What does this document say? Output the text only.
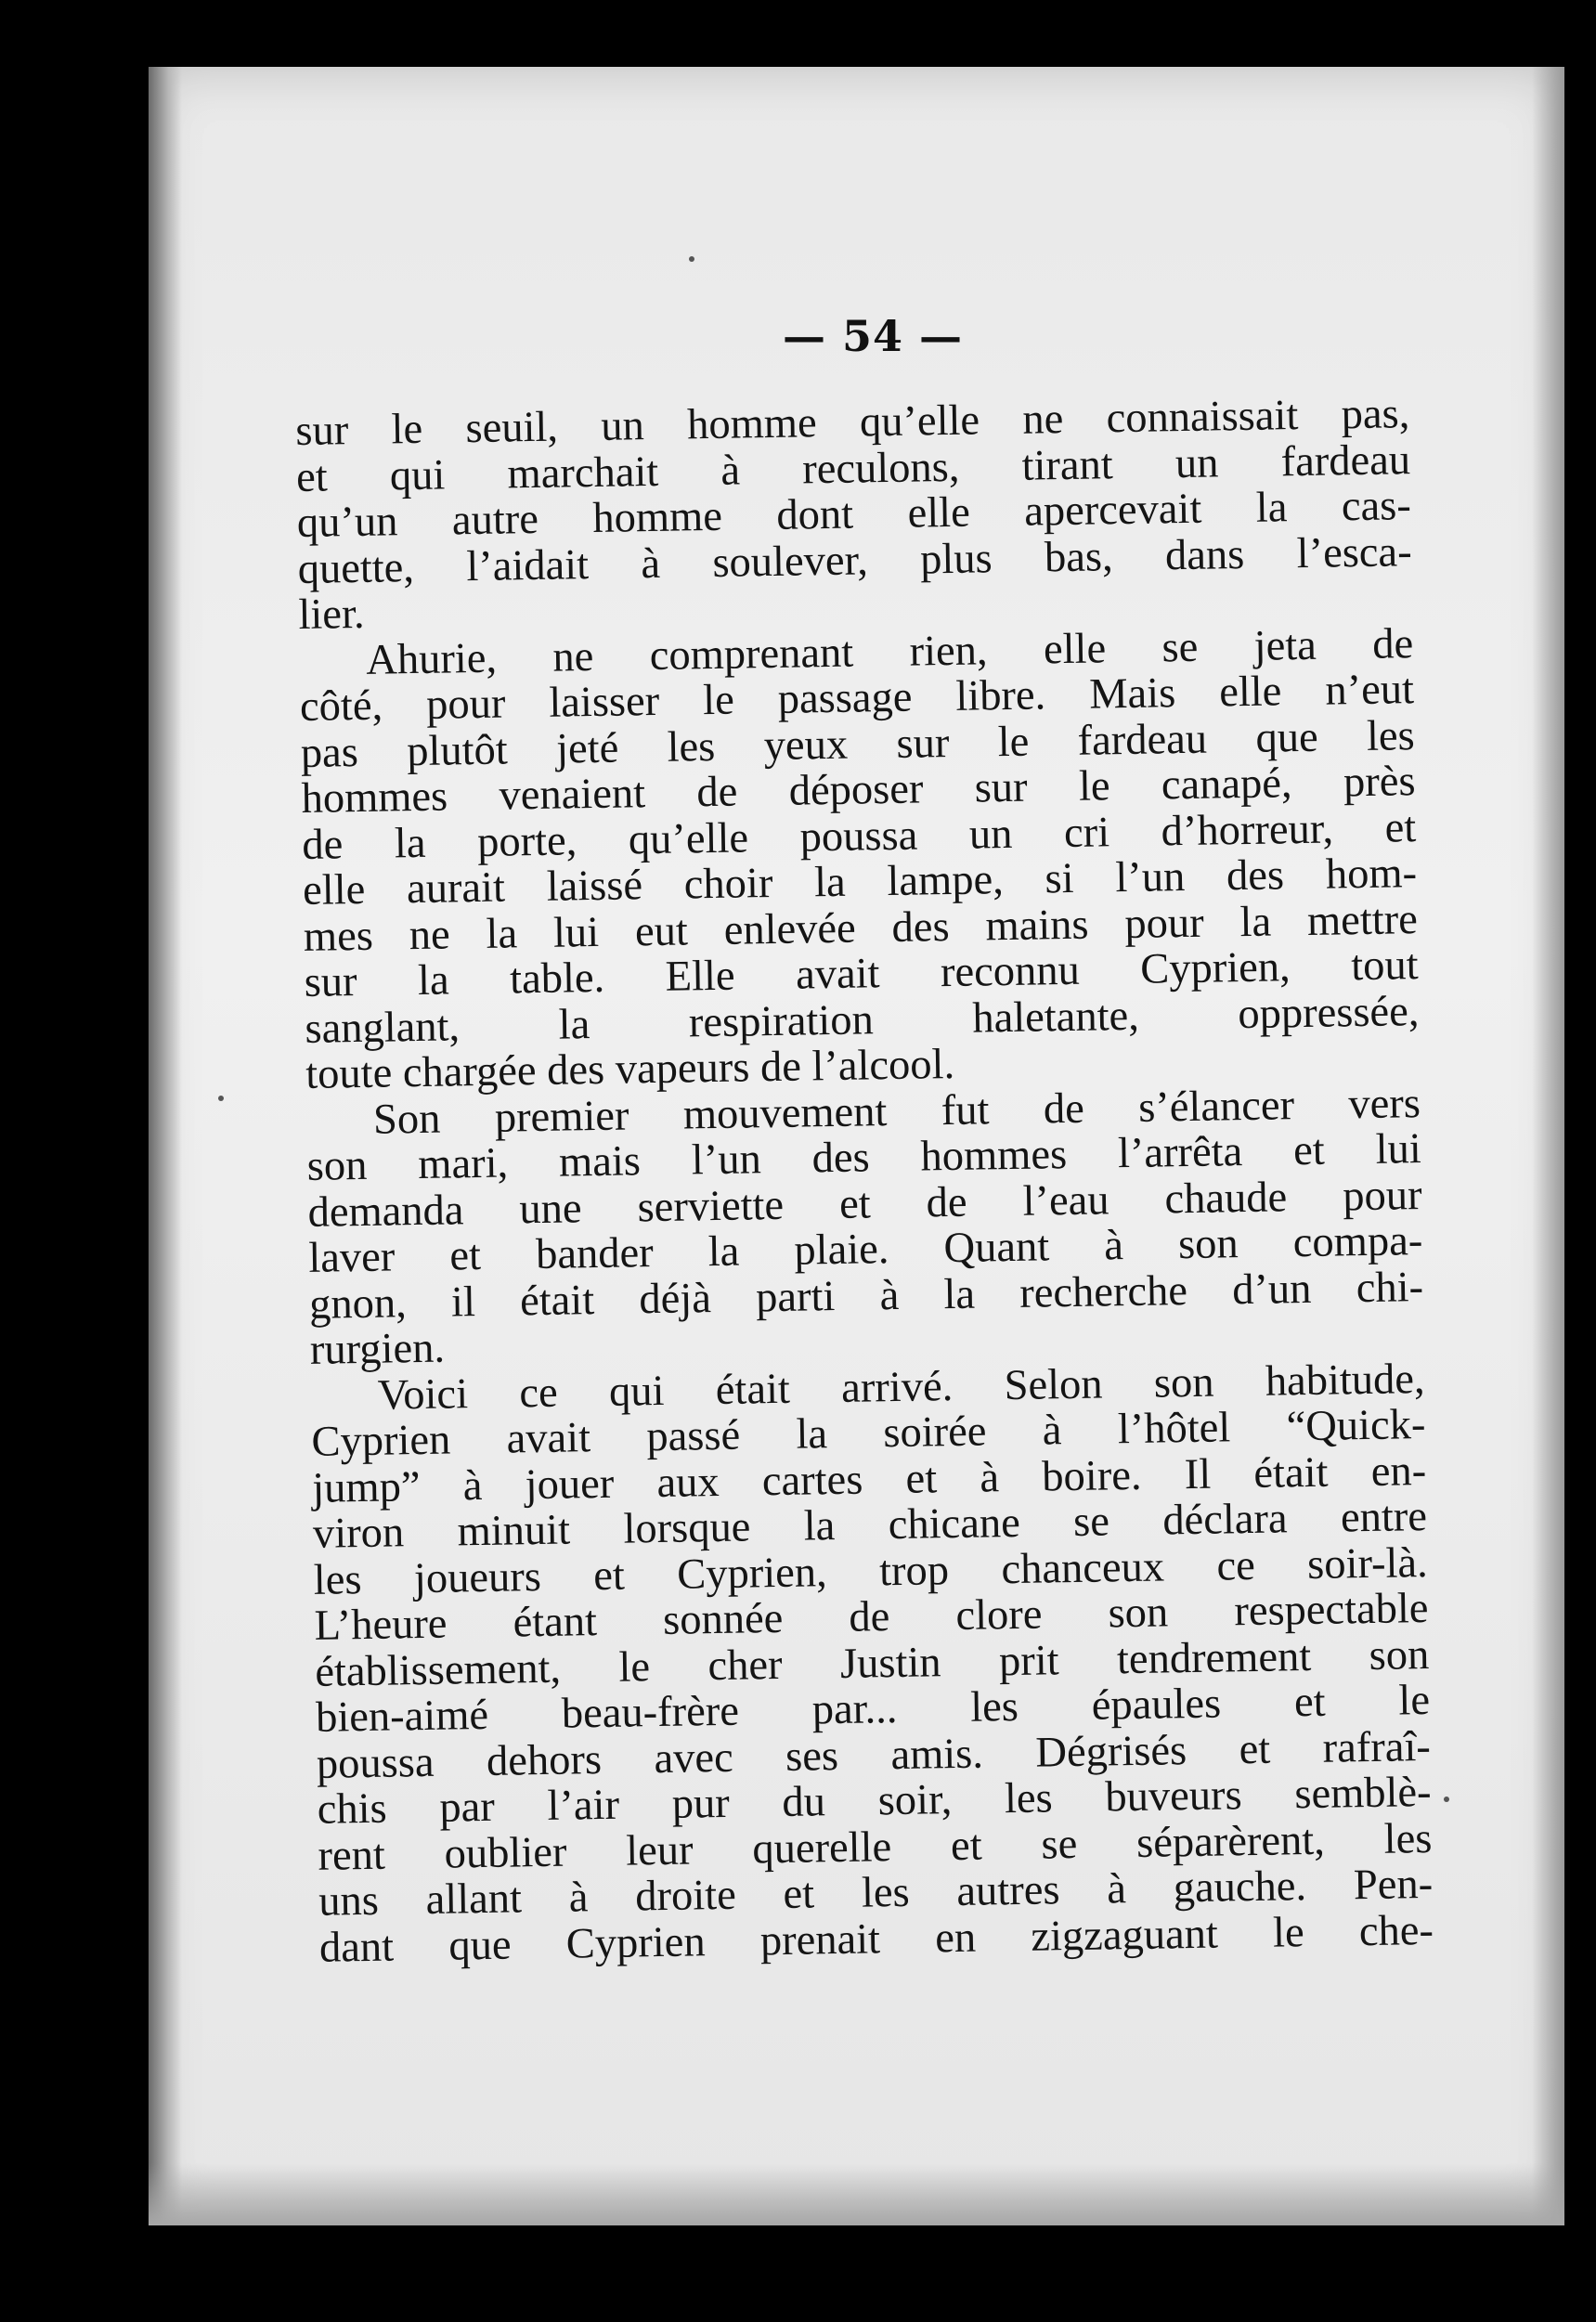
— 54 —
sur le seuil, un homme qu’elle ne connaissait pas,
et qui marchait à reculons, tirant un fardeau
qu’un autre homme dont elle apercevait la cas-
quette, l’aidait à soulever, plus bas, dans l’esca-
lier.
Ahurie, ne comprenant rien, elle se jeta de
côté, pour laisser le passage libre. Mais elle n’eut
pas plutôt jeté les yeux sur le fardeau que les
hommes venaient de déposer sur le canapé, près
de la porte, qu’elle poussa un cri d’horreur, et
elle aurait laissé choir la lampe, si l’un des hom-
mes ne la lui eut enlevée des mains pour la mettre
sur la table. Elle avait reconnu Cyprien, tout
sanglant, la respiration haletante, oppressée,
toute chargée des vapeurs de l’alcool.
Son premier mouvement fut de s’élancer vers
son mari, mais l’un des hommes l’arrêta et lui
demanda une serviette et de l’eau chaude pour
laver et bander la plaie. Quant à son compa-
gnon, il était déjà parti à la recherche d’un chi-
rurgien.
Voici ce qui était arrivé. Selon son habitude,
Cyprien avait passé la soirée à l’hôtel “Quick-
jump” à jouer aux cartes et à boire. Il était en-
viron minuit lorsque la chicane se déclara entre
les joueurs et Cyprien, trop chanceux ce soir-là.
L’heure étant sonnée de clore son respectable
établissement, le cher Justin prit tendrement son
bien-aimé beau-frère par... les épaules et le
poussa dehors avec ses amis. Dégrisés et rafraî-
chis par l’air pur du soir, les buveurs semblè-
rent oublier leur querelle et se séparèrent, les
uns allant à droite et les autres à gauche. Pen-
dant que Cyprien prenait en zigzaguant le che-
